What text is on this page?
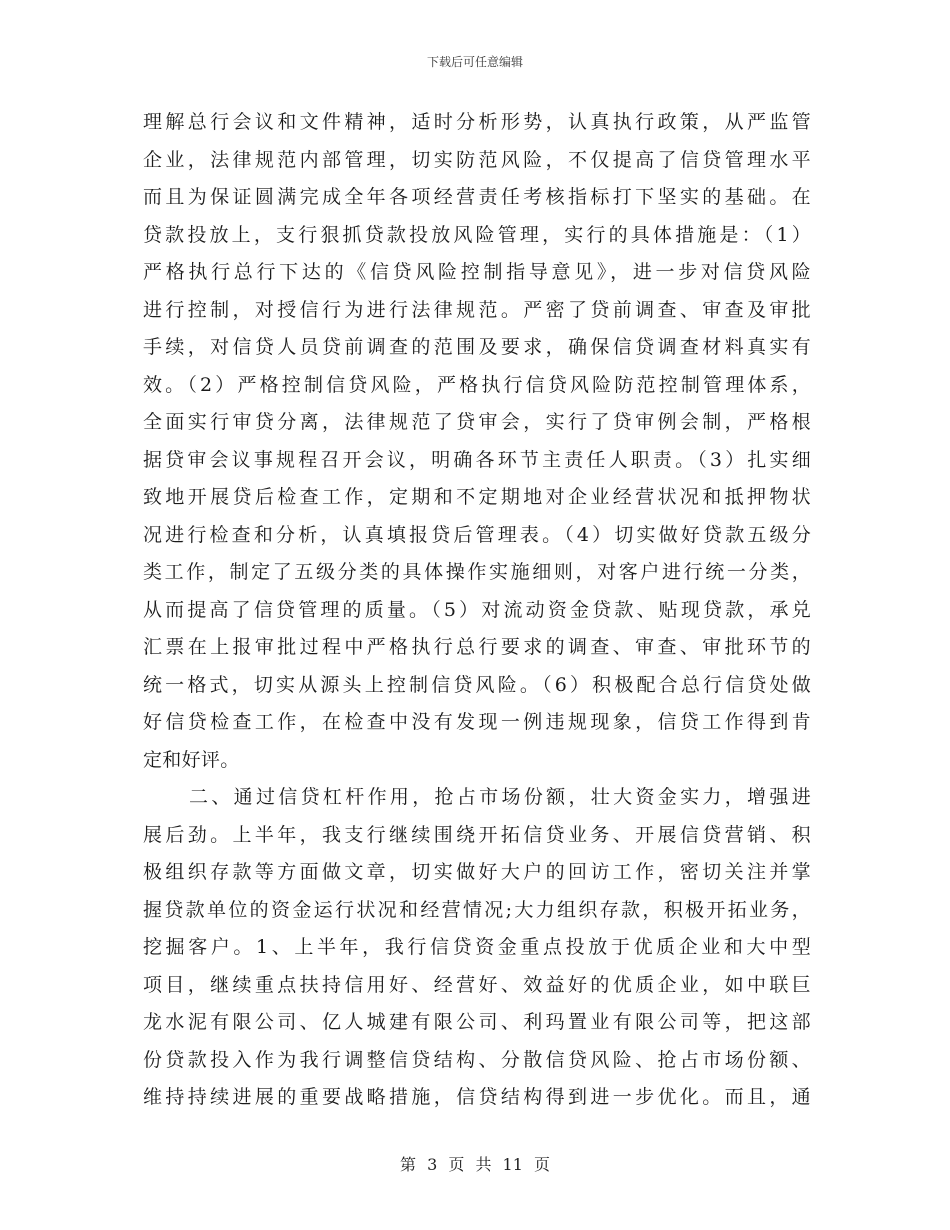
下载后可任意编辑
理解总行会议和文件精神，适时分析形势，认真执行政策，从严监管
企业，法律规范内部管理，切实防范风险，不仅提高了信贷管理水平
而且为保证圆满完成全年各项经营责任考核指标打下坚实的基础。在
贷款投放上，支行狠抓贷款投放风险管理，实行的具体措施是：（1）
严格执行总行下达的《信贷风险控制指导意见》，进一步对信贷风险
进行控制，对授信行为进行法律规范。严密了贷前调查、审查及审批
手续，对信贷人员贷前调查的范围及要求，确保信贷调查材料真实有
效。（2）严格控制信贷风险，严格执行信贷风险防范控制管理体系，
全面实行审贷分离，法律规范了贷审会，实行了贷审例会制，严格根
据贷审会议事规程召开会议，明确各环节主责任人职责。（3）扎实细
致地开展贷后检查工作，定期和不定期地对企业经营状况和抵押物状
况进行检查和分析，认真填报贷后管理表。（4）切实做好贷款五级分
类工作，制定了五级分类的具体操作实施细则，对客户进行统一分类，
从而提高了信贷管理的质量。（5）对流动资金贷款、贴现贷款，承兑
汇票在上报审批过程中严格执行总行要求的调查、审查、审批环节的
统一格式，切实从源头上控制信贷风险。（6）积极配合总行信贷处做
好信贷检查工作，在检查中没有发现一例违规现象，信贷工作得到肯
定和好评。
二、通过信贷杠杆作用，抢占市场份额，壮大资金实力，增强进
展后劲。上半年，我支行继续围绕开拓信贷业务、开展信贷营销、积
极组织存款等方面做文章，切实做好大户的回访工作，密切关注并掌
握贷款单位的资金运行状况和经营情况;大力组织存款，积极开拓业务，
挖掘客户。1、上半年，我行信贷资金重点投放于优质企业和大中型
项目，继续重点扶持信用好、经营好、效益好的优质企业，如中联巨
龙水泥有限公司、亿人城建有限公司、利玛置业有限公司等，把这部
份贷款投入作为我行调整信贷结构、分散信贷风险、抢占市场份额、
维持持续进展的重要战略措施，信贷结构得到进一步优化。而且，通
第 3 页 共 11 页
